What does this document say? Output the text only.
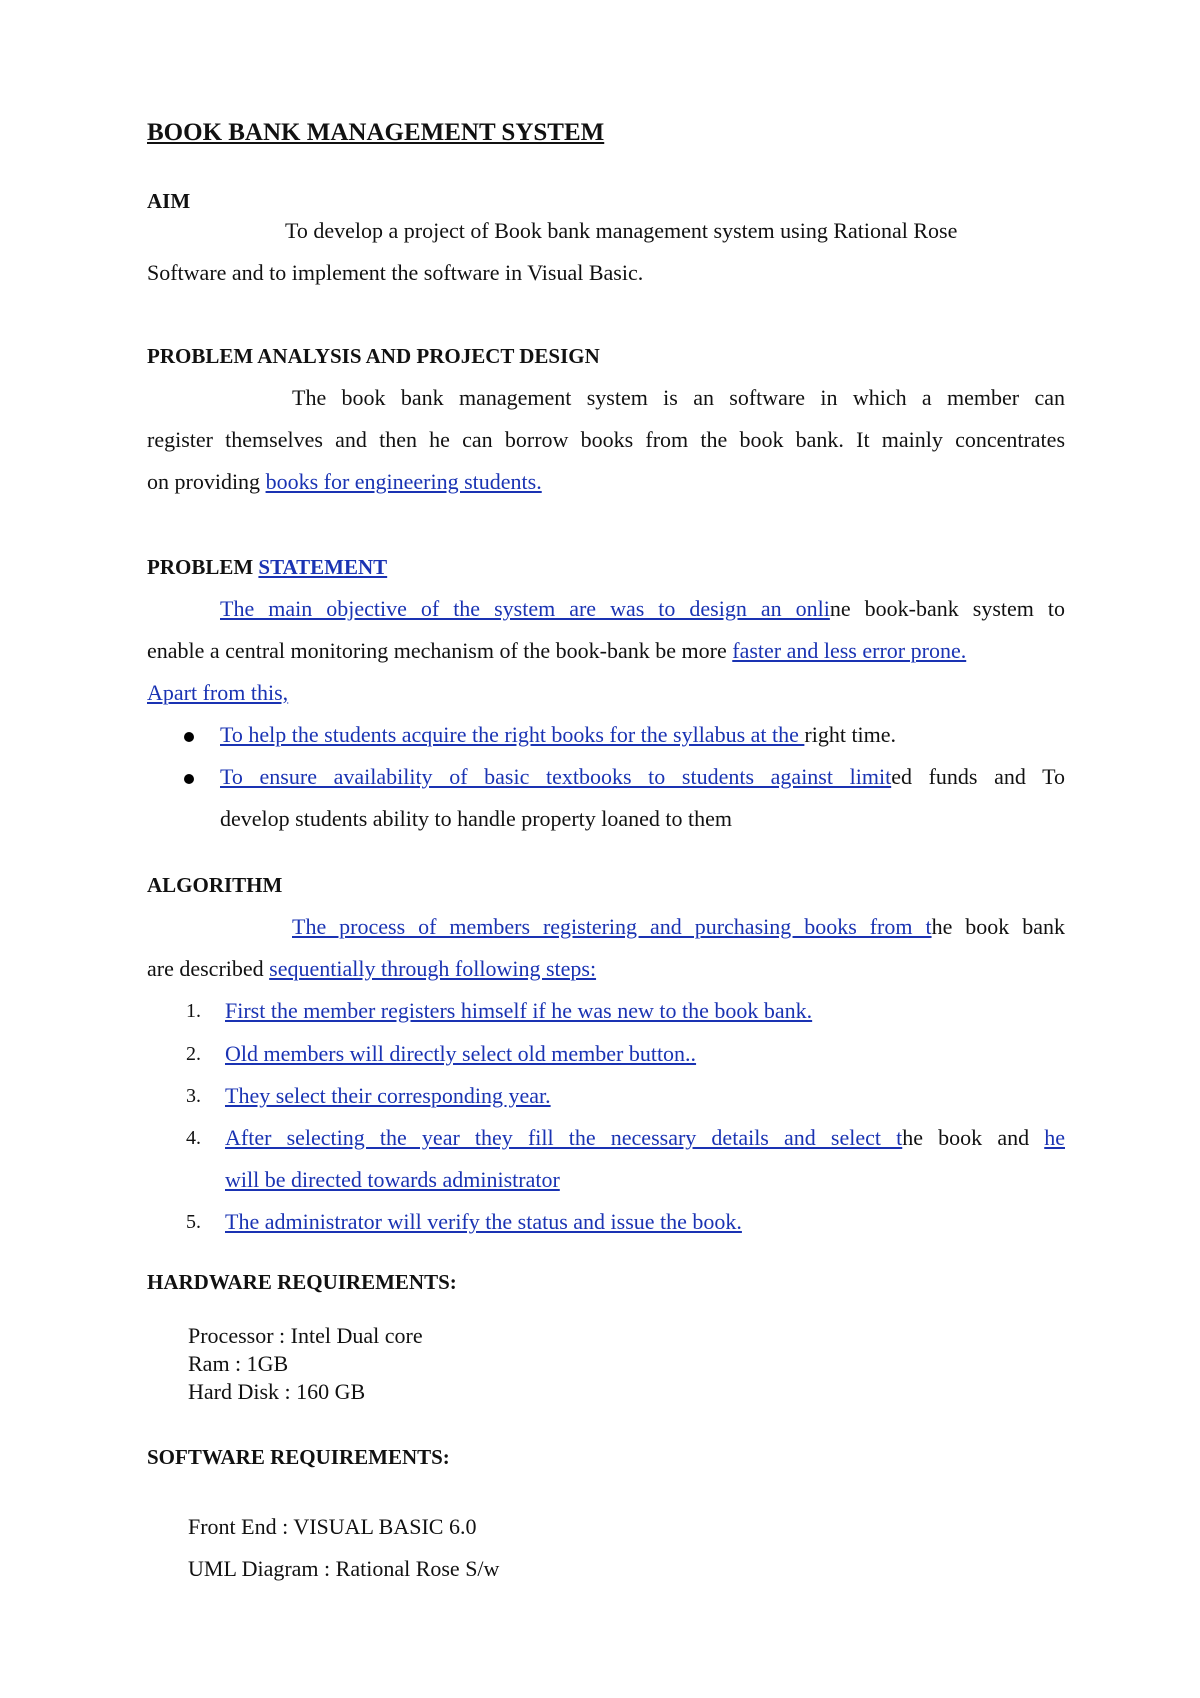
BOOK BANK MANAGEMENT SYSTEM
AIM
To develop a project of Book bank management system using Rational Rose
Software and to implement the software in Visual Basic.
PROBLEM ANALYSIS AND PROJECT DESIGN
The book bank management system is an software in which a member can
register themselves and then he can borrow books from the book bank. It mainly concentrates
on providing books for engineering students.
PROBLEM STATEMENT
The main objective of the system are was to design an online book-bank system to
enable a central monitoring mechanism of the book-bank be more faster and less error prone.
Apart from this,
To help the students acquire the right books for the syllabus at the right time.
To ensure availability of basic textbooks to students against limited funds and To
develop students ability to handle property loaned to them
ALGORITHM
The process of members registering and purchasing books from the book bank
are described sequentially through following steps:
1. First the member registers himself if he was new to the book bank.
2. Old members will directly select old member button..
3. They select their corresponding year.
4. After selecting the year they fill the necessary details and select the book and he
will be directed towards administrator
5. The administrator will verify the status and issue the book.
HARDWARE REQUIREMENTS:
Processor : Intel Dual core
Ram : 1GB
Hard Disk : 160 GB
SOFTWARE REQUIREMENTS:
Front End : VISUAL BASIC 6.0
UML Diagram : Rational Rose S/w
